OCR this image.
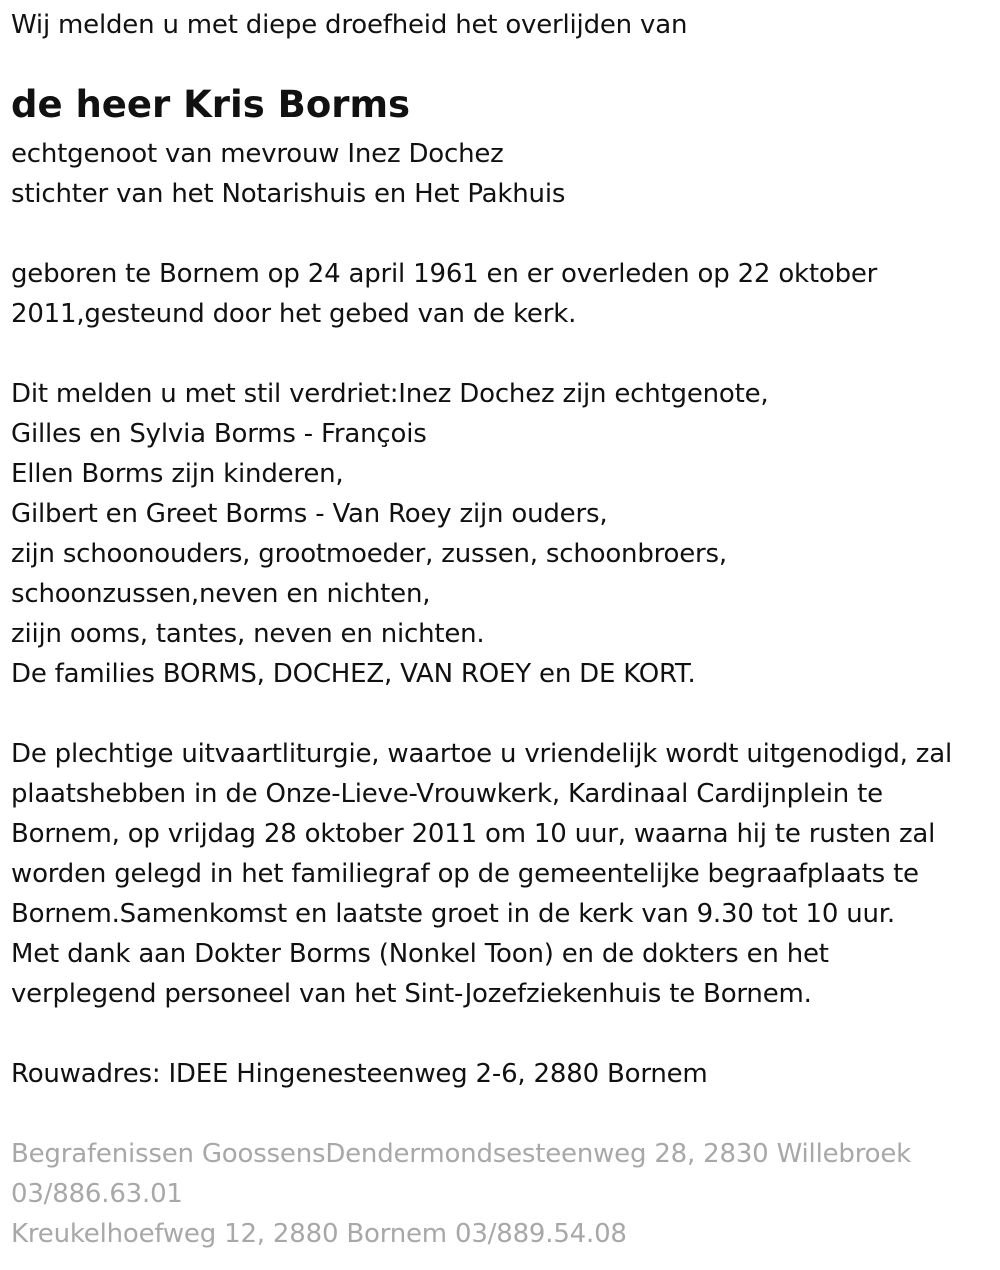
Wij melden u met diepe droefheid het overlijden van
de heer Kris Borms
echtgenoot van mevrouw Inez Dochez
stichter van het Notarishuis en Het Pakhuis
geboren te Bornem op 24 april 1961 en er overleden op 22 oktober
2011,gesteund door het gebed van de kerk.
Dit melden u met stil verdriet:Inez Dochez zijn echtgenote,
Gilles en Sylvia Borms - François
Ellen Borms zijn kinderen,
Gilbert en Greet Borms - Van Roey zijn ouders,
zijn schoonouders, grootmoeder, zussen, schoonbroers,
schoonzussen,neven en nichten,
ziijn ooms, tantes, neven en nichten.
De families BORMS, DOCHEZ, VAN ROEY en DE KORT.
De plechtige uitvaartliturgie, waartoe u vriendelijk wordt uitgenodigd, zal
plaatshebben in de Onze-Lieve-Vrouwkerk, Kardinaal Cardijnplein te
Bornem, op vrijdag 28 oktober 2011 om 10 uur, waarna hij te rusten zal
worden gelegd in het familiegraf op de gemeentelijke begraafplaats te
Bornem.Samenkomst en laatste groet in de kerk van 9.30 tot 10 uur.
Met dank aan Dokter Borms (Nonkel Toon) en de dokters en het
verplegend personeel van het Sint-Jozefziekenhuis te Bornem.
Rouwadres: IDEE Hingenesteenweg 2-6, 2880 Bornem
Begrafenissen GoossensDendermondsesteenweg 28, 2830 Willebroek
03/886.63.01
Kreukelhoefweg 12, 2880 Bornem 03/889.54.08
